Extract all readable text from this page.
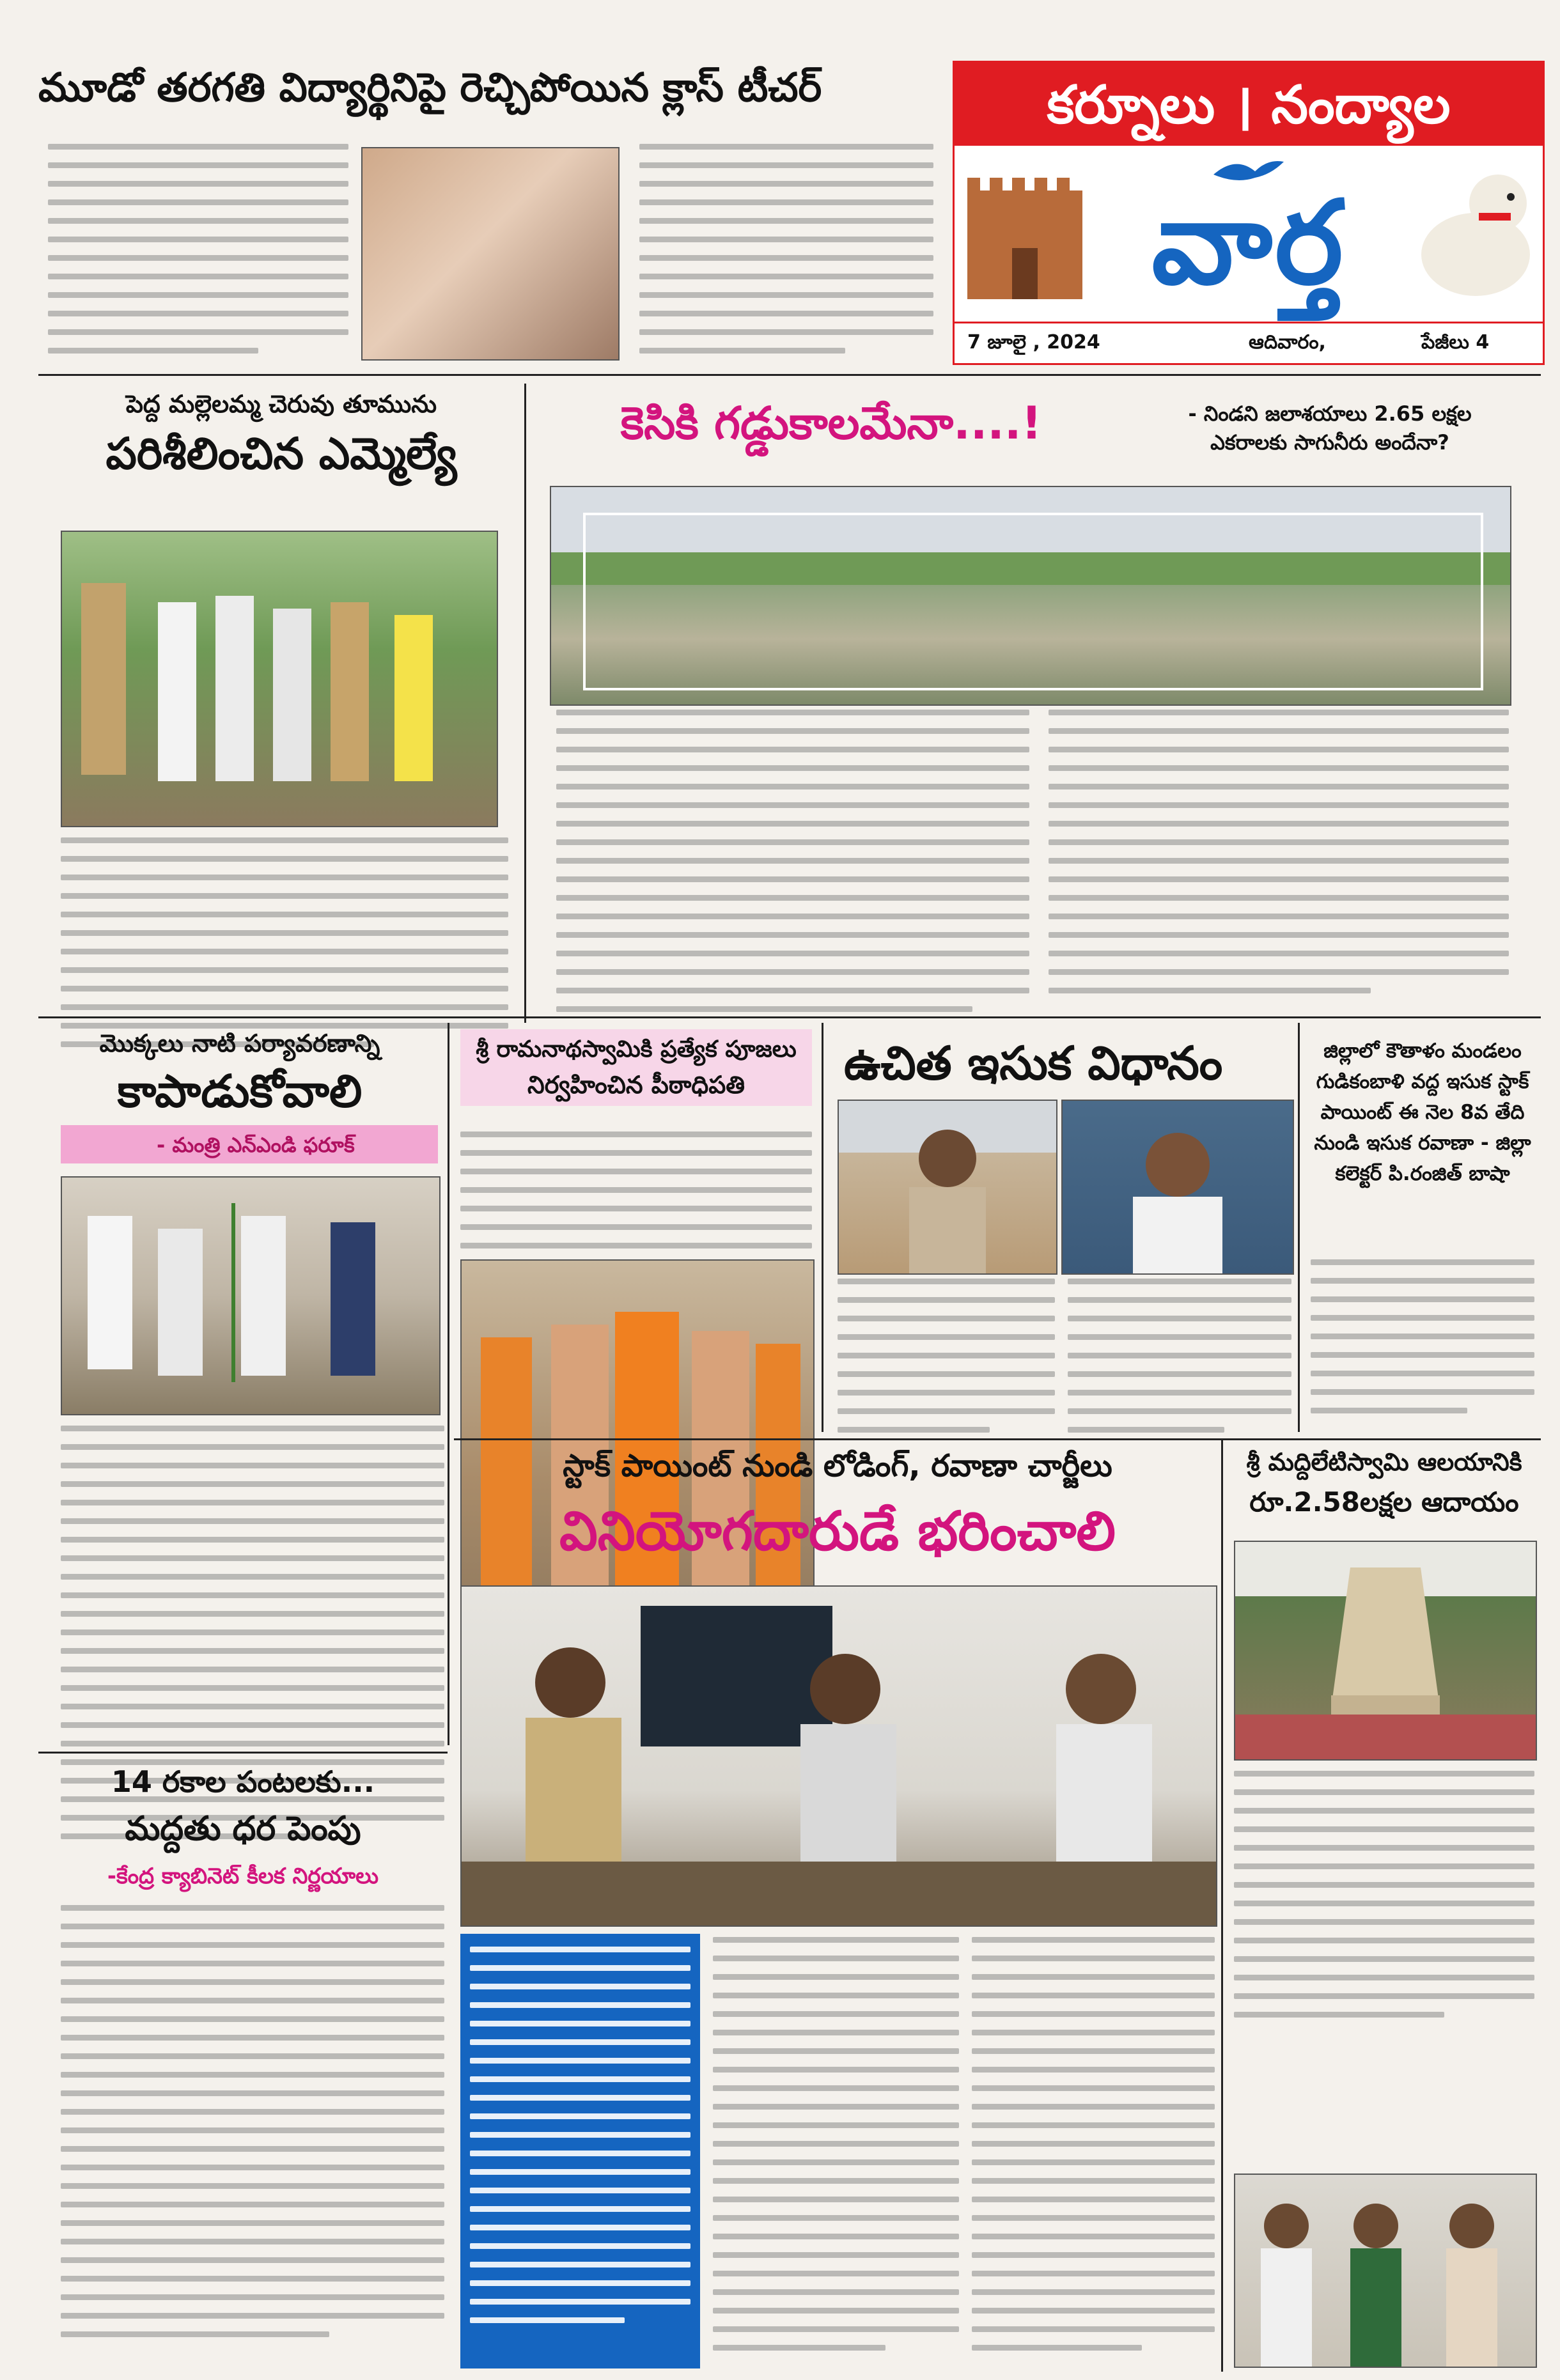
కర్నూలు । నంద్యాల
వార్త
7 జూలై , 2024	ఆదివారం,	పేజీలు 4
మూడో తరగతి విద్యార్థినిపై రెచ్చిపోయిన క్లాస్ టీచర్
పెద్ద మల్లెలమ్మ చెరువు తూమును
పరిశీలించిన ఎమ్మెల్యే
కెసికి గడ్డుకాలమేనా....!	- నిండని జలాశయాలు 2.65 లక్షల ఎకరాలకు సాగునీరు అందేనా?
మొక్కలు నాటి పర్యావరణాన్ని
కాపాడుకోవాలి
- మంత్రి ఎన్ఎండి ఫరూక్
శ్రీ రామనాథస్వామికి ప్రత్యేక పూజలు
నిర్వహించిన పీఠాధిపతి	ఉచిత ఇసుక విధానం	జిల్లాలో కౌతాళం మండలం గుడికంబాళి వద్ద ఇసుక స్టాక్ పాయింట్ ఈ నెల 8వ తేది నుండి ఇసుక రవాణా - జిల్లా కలెక్టర్ పి.రంజిత్ బాషా
స్టాక్ పాయింట్ నుండి లోడింగ్, రవాణా చార్జీలు
వినియోగదారుడే భరించాలి
శ్రీ మద్దిలేటిస్వామి ఆలయానికి
రూ.2.58లక్షల ఆదాయం
14 రకాల పంటలకు...
మద్దతు ధర పెంపు
-కేంద్ర క్యాబినెట్ కీలక నిర్ణయాలు
